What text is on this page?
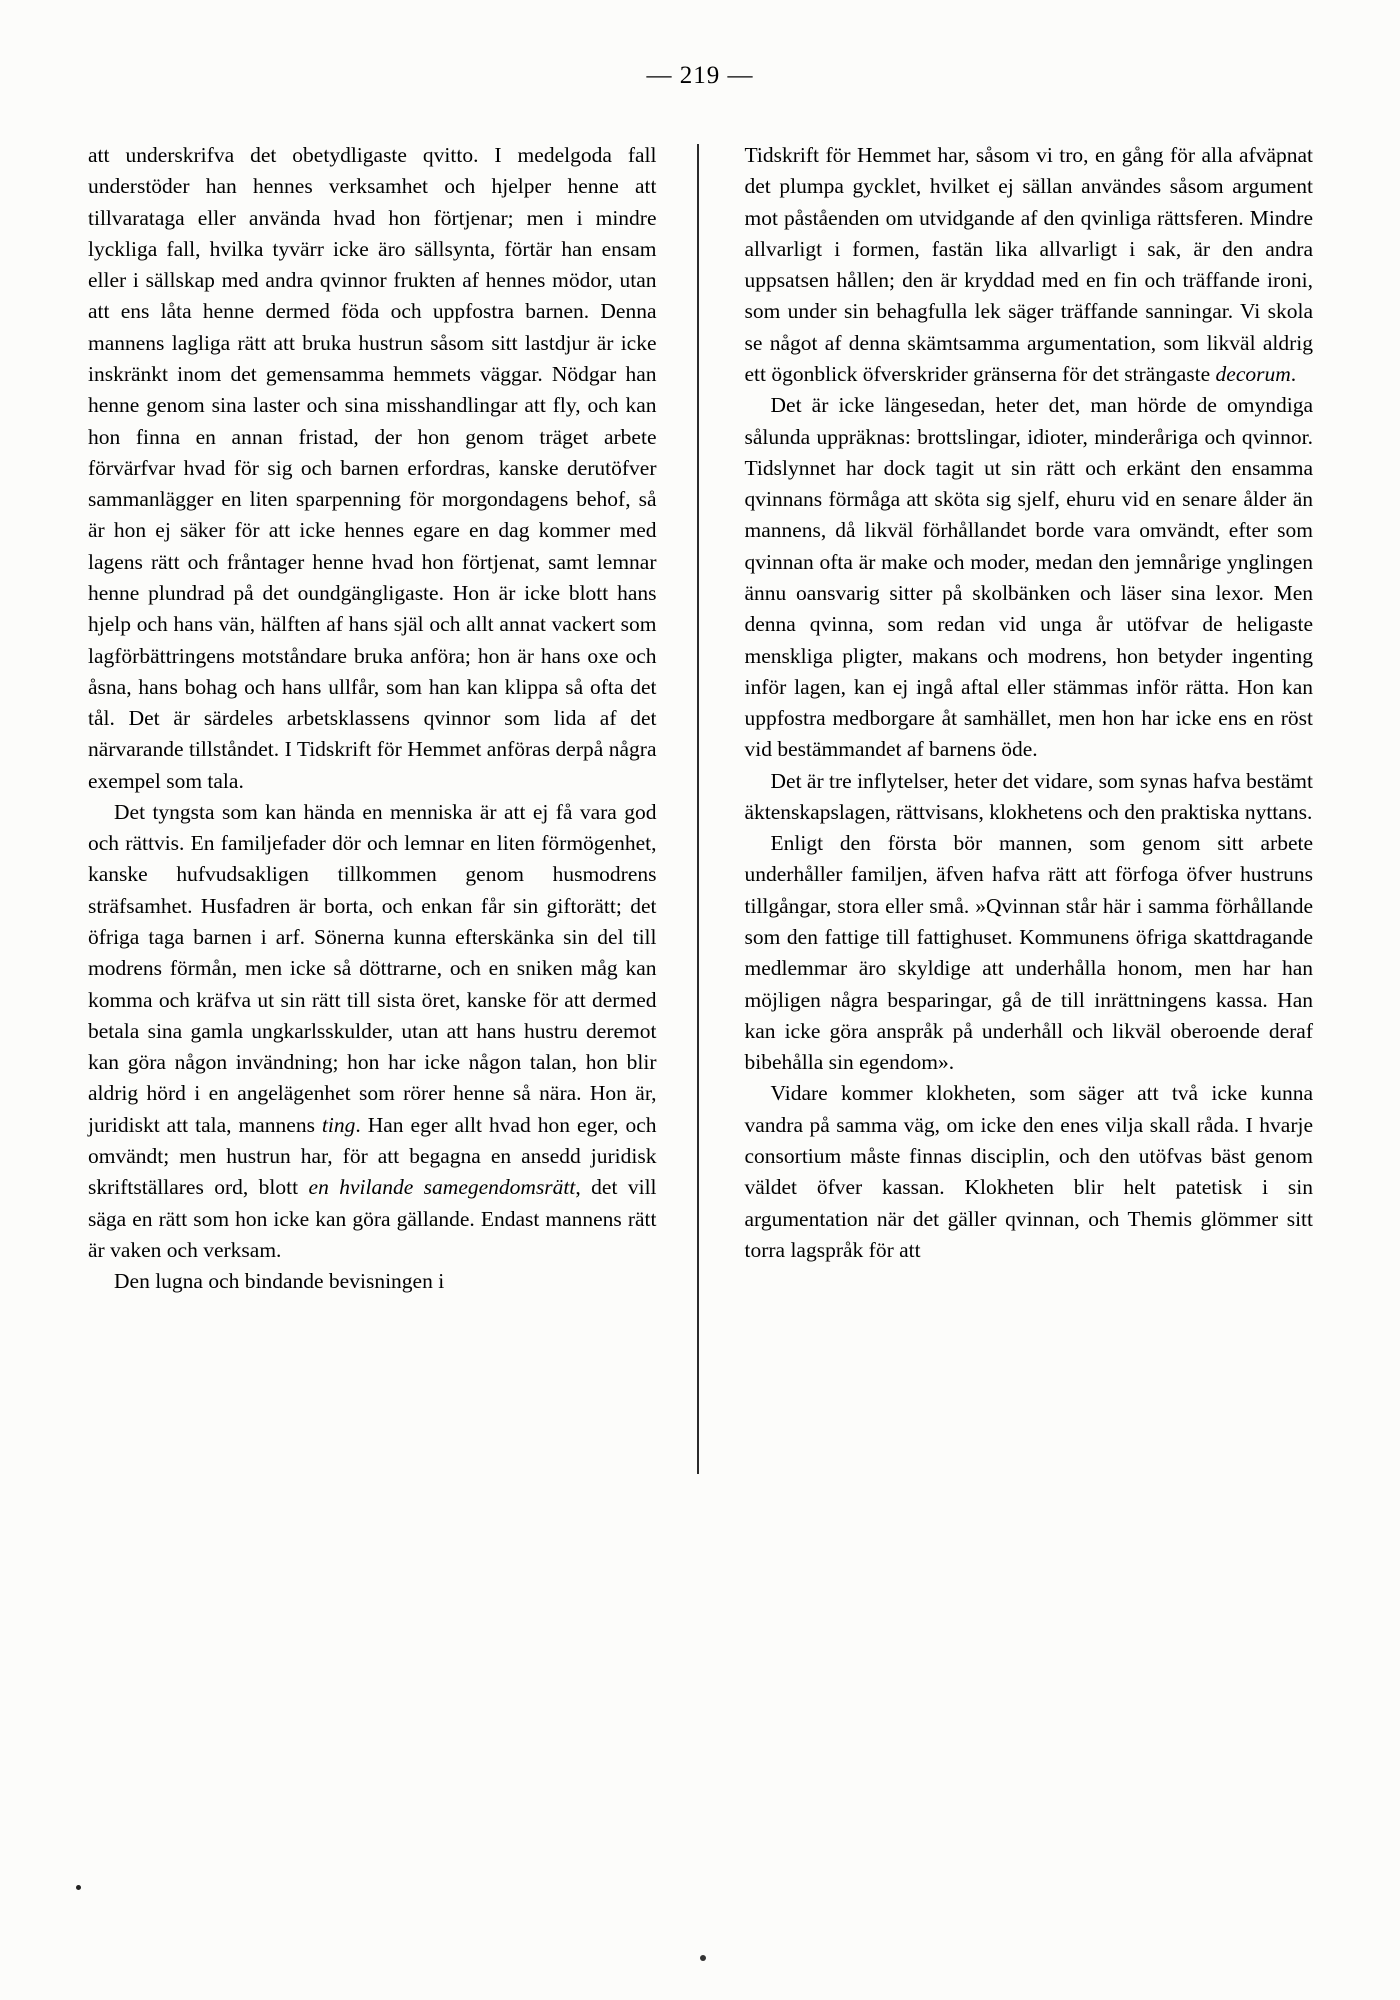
— 219 —

att underskrifva det obetydligaste qvitto. I medelgoda fall understöder han hennes verksamhet och hjelper henne att tillvarataga eller använda hvad hon förtjenar; men i mindre lyckliga fall, hvilka tyvärr icke äro sällsynta, förtär han ensam eller i sällskap med andra qvinnor frukten af hennes mödor, utan att ens låta henne dermed föda och uppfostra barnen. Denna mannens lagliga rätt att bruka hustrun såsom sitt lastdjur är icke inskränkt inom det gemensamma hemmets väggar. Nödgar han henne genom sina laster och sina misshandlingar att fly, och kan hon finna en annan fristad, der hon genom träget arbete förvärfvar hvad för sig och barnen erfordras, kanske derutöfver sammanlägger en liten sparpenning för morgondagens behof, så är hon ej säker för att icke hennes egare en dag kommer med lagens rätt och fråntager henne hvad hon förtjenat, samt lemnar henne plundrad på det oundgängligaste. Hon är icke blott hans hjelp och hans vän, hälften af hans själ och allt annat vackert som lagförbättringens motståndare bruka anföra; hon är hans oxe och åsna, hans bohag och hans ullfår, som han kan klippa så ofta det tål. Det är särdeles arbetsklassens qvinnor som lida af det närvarande tillståndet. I Tidskrift för Hemmet anföras derpå några exempel som tala.

Det tyngsta som kan hända en menniska är att ej få vara god och rättvis. En familjefader dör och lemnar en liten förmögenhet, kanske hufvudsakligen tillkommen genom husmodrens sträfsamhet. Husfadren är borta, och enkan får sin giftorätt; det öfriga taga barnen i arf. Sönerna kunna efterskänka sin del till modrens förmån, men icke så döttrarne, och en sniken måg kan komma och kräfva ut sin rätt till sista öret, kanske för att dermed betala sina gamla ungkarlsskulder, utan att hans hustru deremot kan göra någon invändning; hon har icke någon talan, hon blir aldrig hörd i en angelägenhet som rörer henne så nära. Hon är, juridiskt att tala, mannens ting. Han eger allt hvad hon eger, och omvändt; men hustrun har, för att begagna en ansedd juridisk skriftställares ord, blott en hvilande samegendomsrätt, det vill säga en rätt som hon icke kan göra gällande. Endast mannens rätt är vaken och verksam.

Den lugna och bindande bevisningen i

Tidskrift för Hemmet har, såsom vi tro, en gång för alla afväpnat det plumpa gycklet, hvilket ej sällan användes såsom argument mot påståenden om utvidgande af den qvinliga rättsferen. Mindre allvarligt i formen, fastän lika allvarligt i sak, är den andra uppsatsen hållen; den är kryddad med en fin och träffande ironi, som under sin behagfulla lek säger träffande sanningar. Vi skola se något af denna skämtsamma argumentation, som likväl aldrig ett ögonblick öfverskrider gränserna för det strängaste decorum.

Det är icke längesedan, heter det, man hörde de omyndiga sålunda uppräknas: brottslingar, idioter, minderåriga och qvinnor. Tidslynnet har dock tagit ut sin rätt och erkänt den ensamma qvinnans förmåga att sköta sig sjelf, ehuru vid en senare ålder än mannens, då likväl förhållandet borde vara omvändt, efter som qvinnan ofta är make och moder, medan den jemnårige ynglingen ännu oansvarig sitter på skolbänken och läser sina lexor. Men denna qvinna, som redan vid unga år utöfvar de heligaste menskliga pligter, makans och modrens, hon betyder ingenting inför lagen, kan ej ingå aftal eller stämmas inför rätta. Hon kan uppfostra medborgare åt samhället, men hon har icke ens en röst vid bestämmandet af barnens öde.

Det är tre inflytelser, heter det vidare, som synas hafva bestämt äktenskapslagen, rättvisans, klokhetens och den praktiska nyttans.

Enligt den första bör mannen, som genom sitt arbete underhåller familjen, äfven hafva rätt att förfoga öfver hustruns tillgångar, stora eller små. »Qvinnan står här i samma förhållande som den fattige till fattighuset. Kommunens öfriga skattdragande medlemmar äro skyldige att underhålla honom, men har han möjligen några besparingar, gå de till inrättningens kassa. Han kan icke göra anspråk på underhåll och likväl oberoende deraf bibehålla sin egendom».

Vidare kommer klokheten, som säger att två icke kunna vandra på samma väg, om icke den enes vilja skall råda. I hvarje consortium måste finnas disciplin, och den utöfvas bäst genom väldet öfver kassan. Klokheten blir helt patetisk i sin argumentation när det gäller qvinnan, och Themis glömmer sitt torra lagspråk för att
